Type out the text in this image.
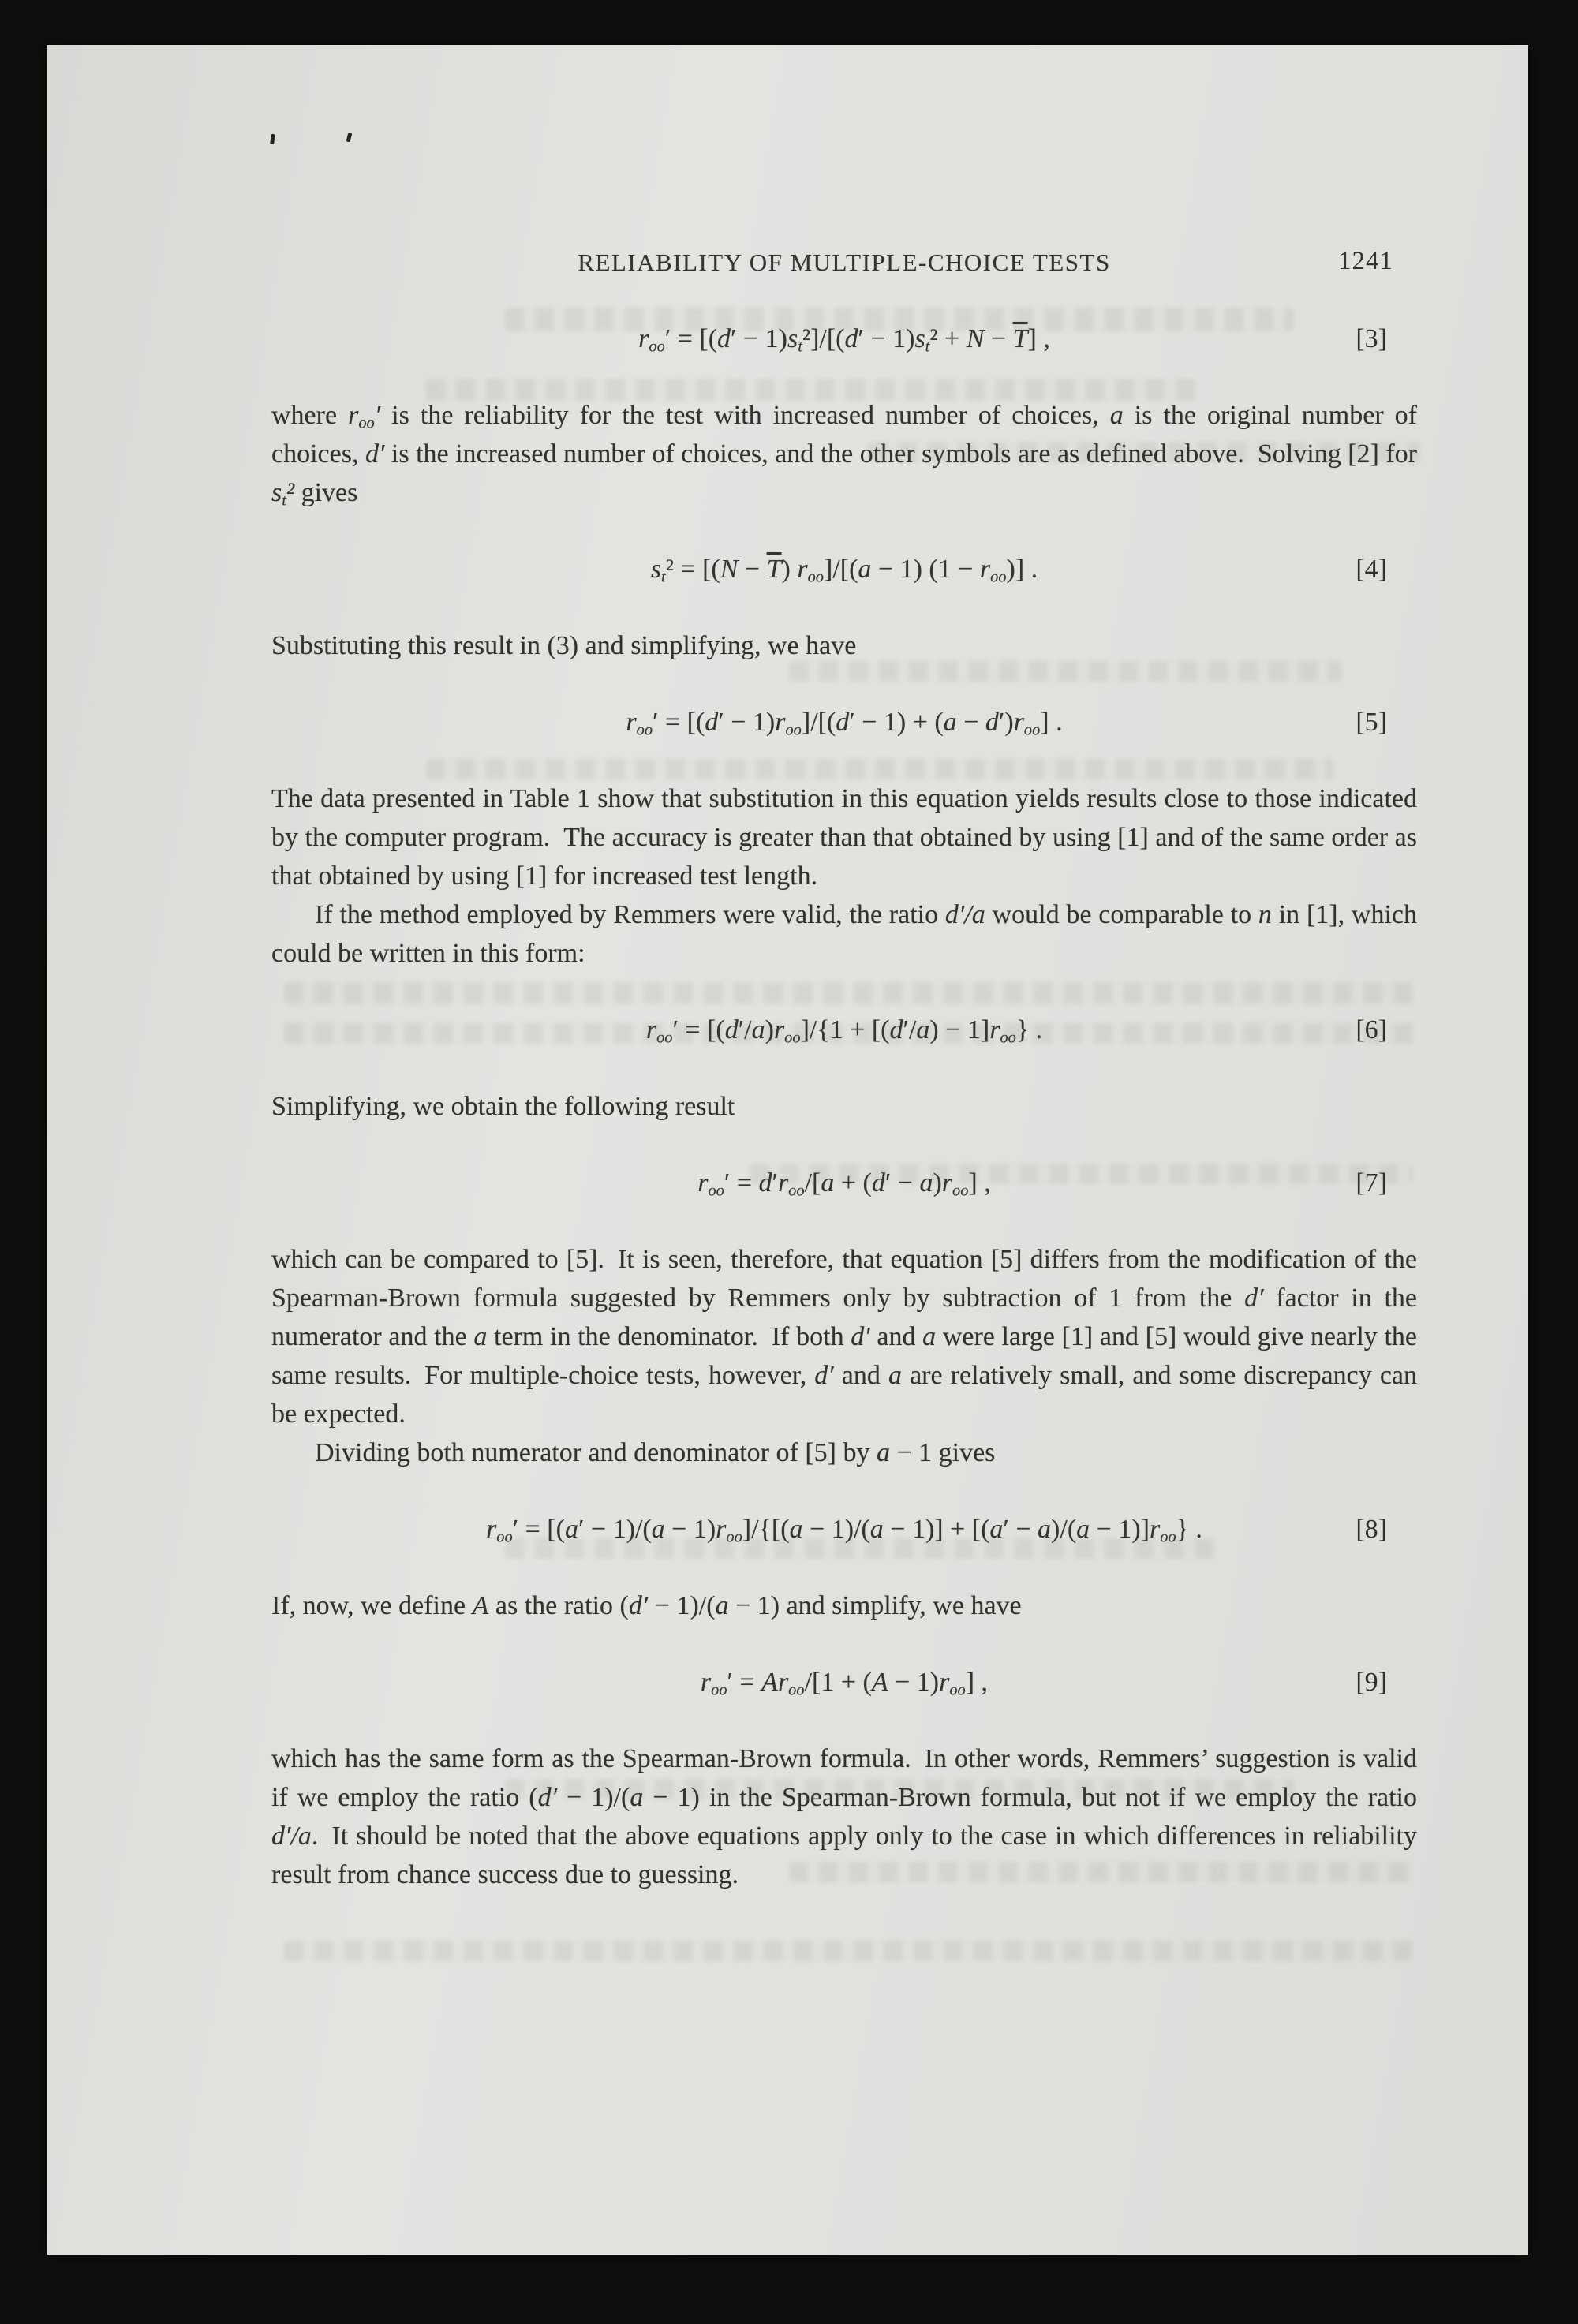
RELIABILITY OF MULTIPLE-CHOICE TESTS	1241
$r_{oo}' = [(d' - 1)s_t^2]/[(d' - 1)s_t^2 + N - \overline{T}]$ ,	[3]

where $r_{oo}'$ is the reliability for the test with increased number of choices, a is the original number of choices, d′ is the increased number of choices, and the other symbols are as defined above. Solving [2] for $s_t^2$ gives

$s_t^2 = [(N - \overline{T}) r_{oo}]/[(a - 1) (1 - r_{oo})]$ .	[4]

Substituting this result in (3) and simplifying, we have

$r_{oo}' = [(d' - 1)r_{oo}]/[(d' - 1) + (a - d')r_{oo}]$ .	[5]

The data presented in Table 1 show that substitution in this equation yields results close to those indicated by the computer program. The accuracy is greater than that obtained by using [1] and of the same order as that obtained by using [1] for increased test length.

If the method employed by Remmers were valid, the ratio d′/a would be comparable to n in [1], which could be written in this form:

$r_{oo}' = [(d'/a)r_{oo}]/\{1 + [(d'/a) - 1]r_{oo}\}$ .	[6]

Simplifying, we obtain the following result

$r_{oo}' = d'r_{oo}/[a + (d' - a)r_{oo}]$ ,	[7]

which can be compared to [5]. It is seen, therefore, that equation [5] differs from the modification of the Spearman-Brown formula suggested by Remmers only by subtraction of 1 from the d′ factor in the numerator and the a term in the denominator. If both d′ and a were large [1] and [5] would give nearly the same results. For multiple-choice tests, however, d′ and a are relatively small, and some discrepancy can be expected.

Dividing both numerator and denominator of [5] by a − 1 gives

$r_{oo}' = [(a' - 1)/(a - 1)r_{oo}]/\{[(a - 1)/(a - 1)] + [(a' - a)/(a - 1)]r_{oo}\}$ .	[8]

If, now, we define A as the ratio (d′ − 1)/(a − 1) and simplify, we have

$r_{oo}' = Ar_{oo}/[1 + (A - 1)r_{oo}]$ ,	[9]

which has the same form as the Spearman-Brown formula. In other words, Remmers’ suggestion is valid if we employ the ratio (d′ − 1)/(a − 1) in the Spearman-Brown formula, but not if we employ the ratio d′/a. It should be noted that the above equations apply only to the case in which differences in reliability result from chance success due to guessing.
